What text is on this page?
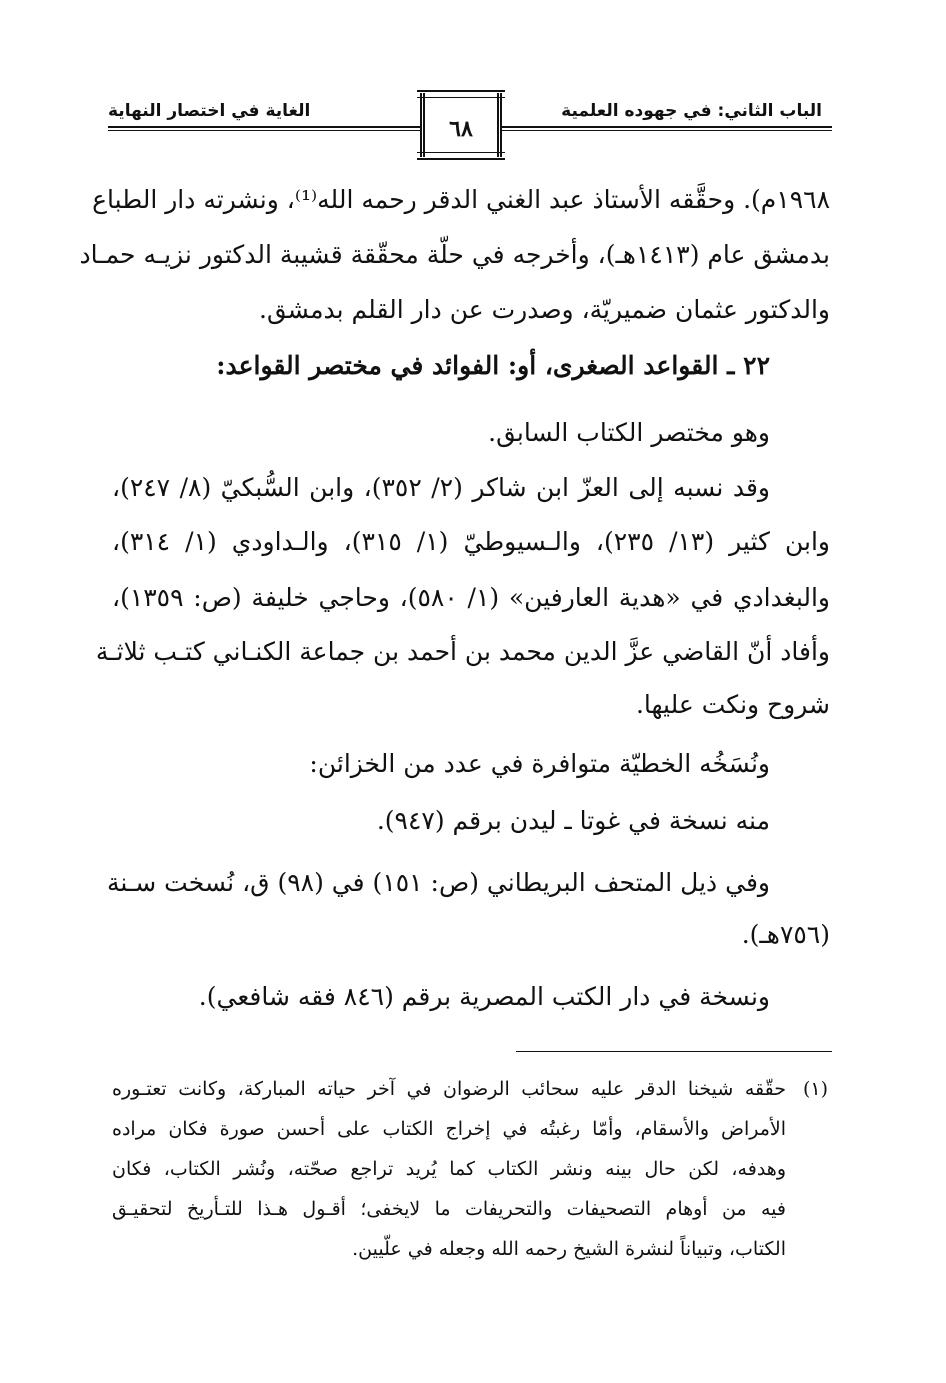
الباب الثاني: في جهوده العلمية
الغاية في اختصار النهاية
٦٨
١٩٦٨م). وحقَّقه الأستاذ عبد الغني الدقر رحمه الله⁽¹⁾، ونشرته دار الطباع
بدمشق عام (١٤١٣هـ)، وأخرجه في حلّة محقّقة قشيبة الدكتور نزيـه حمـاد
والدكتور عثمان ضميريّة، وصدرت عن دار القلم بدمشق.
٢٢ ـ القواعد الصغرى، أو: الفوائد في مختصر القواعد:
وهو مختصر الكتاب السابق.
وقد نسبه إلى العزّ ابن شاكر (٢/ ٣٥٢)، وابن السُّبكيّ (٨/ ٢٤٧)،
وابن كثير (١٣/ ٢٣٥)، والـسيوطيّ (١/ ٣١٥)، والـداودي (١/ ٣١٤)،
والبغدادي في «هدية العارفين» (١/ ٥٨٠)، وحاجي خليفة (ص: ١٣٥٩)،
وأفاد أنّ القاضي عزَّ الدين محمد بن أحمد بن جماعة الكنـاني كتـب ثلاثـة
شروح ونكت عليها.
ونُسَخُه الخطيّة متوافرة في عدد من الخزائن:
منه نسخة في غوتا ـ ليدن برقم (٩٤٧).
وفي ذيل المتحف البريطاني (ص: ١٥١) في (٩٨) ق، نُسخت سـنة
(٧٥٦هـ).
ونسخة في دار الكتب المصرية برقم (٨٤٦ فقه شافعي).
(١)
حقّقه شيخنا الدقر عليه سحائب الرضوان في آخر حياته المباركة، وكانت تعتـوره
الأمراض والأسقام، وأمّا رغبتُه في إخراج الكتاب على أحسن صورة فكان مراده
وهدفه، لكن حال بينه ونشر الكتاب كما يُريد تراجع صحّته، ونُشر الكتاب، فكان
فيه من أوهام التصحيفات والتحريفات ما لايخفى؛ أقـول هـذا للتـأريخ لتحقيـق
الكتاب، وتبياناً لنشرة الشيخ رحمه الله وجعله في علّيين.
